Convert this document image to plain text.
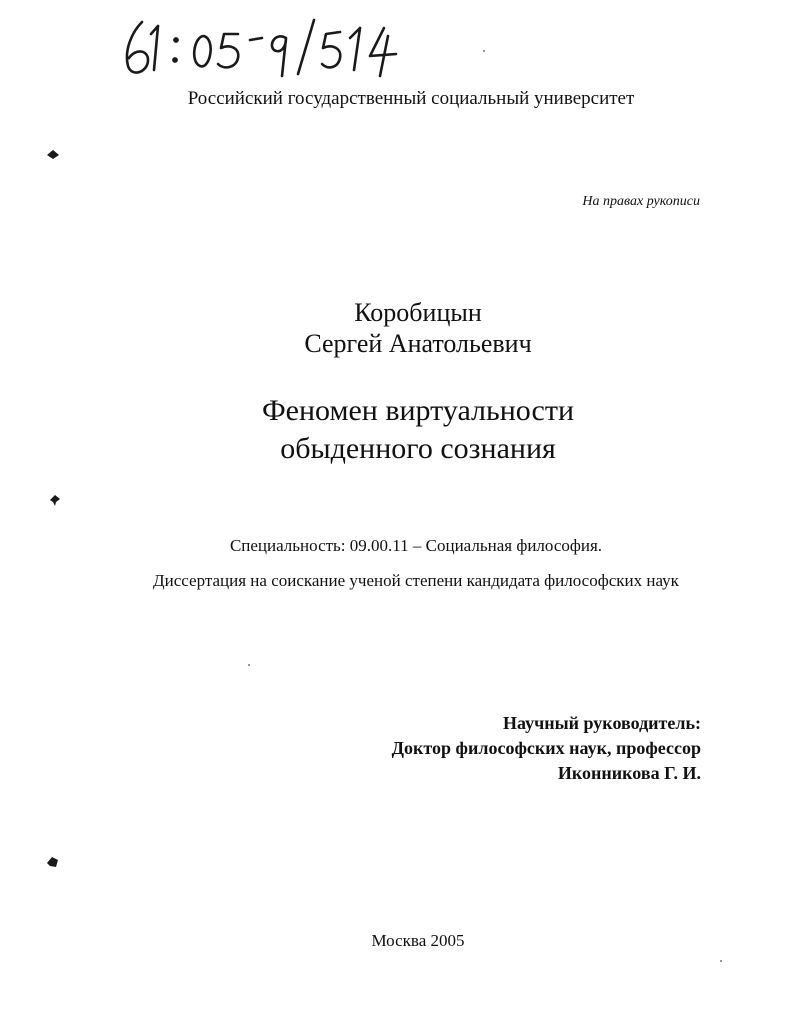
Российский государственный социальный университет
На правах рукописи
Коробицын
Сергей Анатольевич
Феномен виртуальности
обыденного сознания
Специальность: 09.00.11 – Социальная философия.
Диссертация на соискание ученой степени кандидата философских наук
Научный руководитель:
Доктор философских наук, профессор
Иконникова Г. И.
Москва 2005
